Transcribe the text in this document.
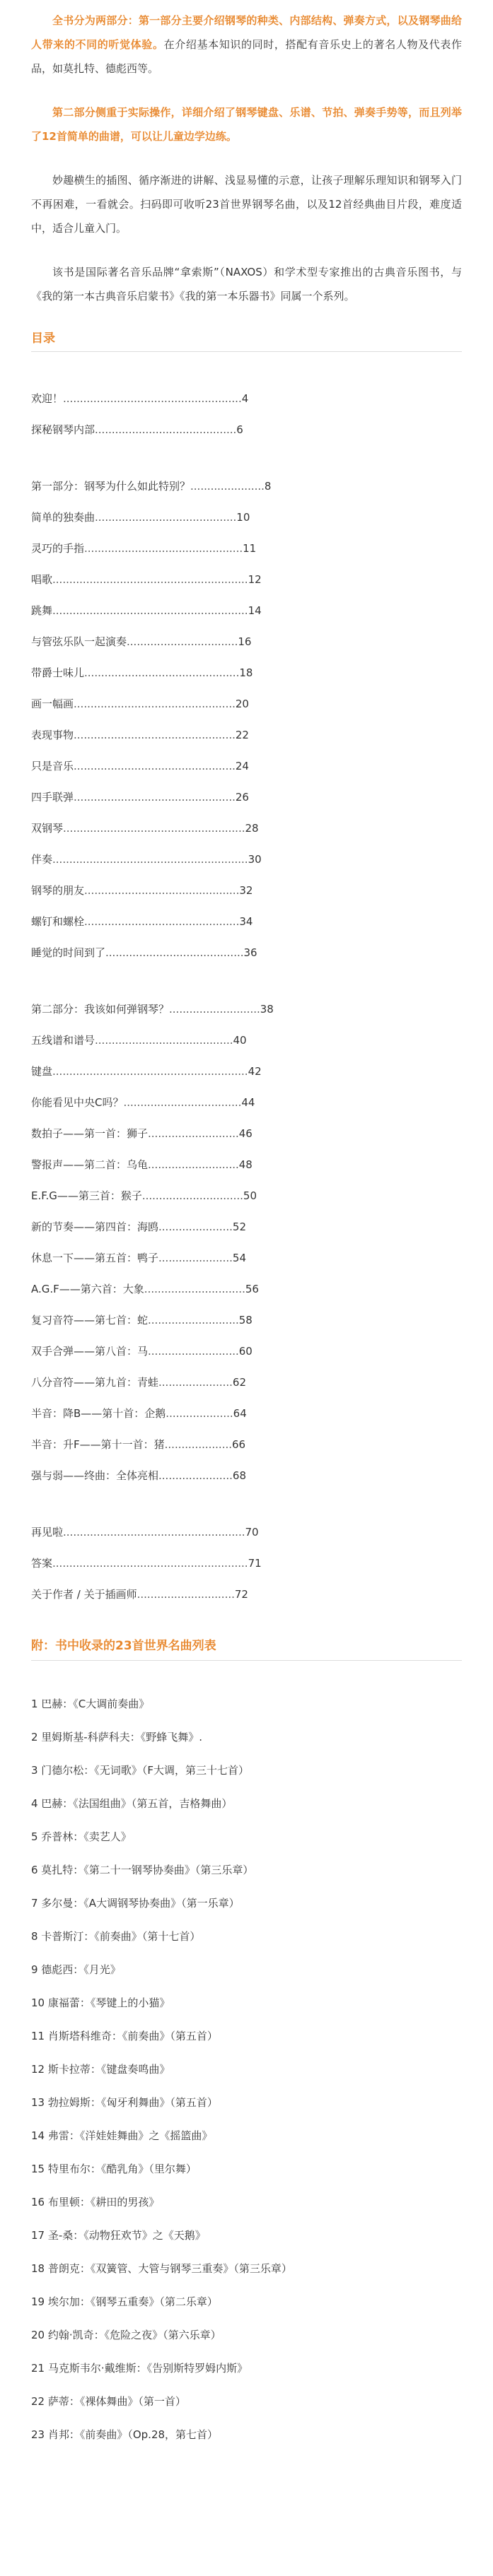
全书分为两部分：第一部分主要介绍钢琴的种类、内部结构、弹奏方式，以及钢琴曲给人带来的不同的听觉体验。在介绍基本知识的同时，搭配有音乐史上的著名人物及代表作品，如莫扎特、德彪西等。

第二部分侧重于实际操作，详细介绍了钢琴键盘、乐谱、节拍、弹奏手势等，而且列举了12首简单的曲谱，可以让儿童边学边练。

妙趣横生的插图、循序渐进的讲解、浅显易懂的示意，让孩子理解乐理知识和钢琴入门不再困难，一看就会。扫码即可收听23首世界钢琴名曲，以及12首经典曲目片段，难度适中，适合儿童入门。

该书是国际著名音乐品牌“拿索斯”（NAXOS）和学术型专家推出的古典音乐图书，与《我的第一本古典音乐启蒙书》《我的第一本乐器书》同属一个系列。

目录
欢迎！.....................................................4
探秘钢琴内部..........................................6
第一部分：钢琴为什么如此特别？......................8
简单的独奏曲..........................................10
灵巧的手指...............................................11
唱歌..........................................................12
跳舞..........................................................14
与管弦乐队一起演奏.................................16
带爵士味儿..............................................18
画一幅画................................................20
表现事物................................................22
只是音乐................................................24
四手联弹................................................26
双钢琴......................................................28
伴奏..........................................................30
钢琴的朋友..............................................32
螺钉和螺栓..............................................34
睡觉的时间到了.........................................36
第二部分：我该如何弹钢琴？...........................38
五线谱和谱号.........................................40
键盘..........................................................42
你能看见中央C吗？...................................44
数拍子——第一首：狮子...........................46
警报声——第二首：乌龟...........................48
E.F.G——第三首：猴子..............................50
新的节奏——第四首：海鸥......................52
休息一下——第五首：鸭子......................54
A.G.F——第六首：大象..............................56
复习音符——第七首：蛇...........................58
双手合弹——第八首：马...........................60
八分音符——第九首：青蛙......................62
半音：降B——第十首：企鹅....................64
半音：升F——第十一首：猪....................66
强与弱——终曲：全体亮相......................68
再见啦......................................................70
答案..........................................................71
关于作者 / 关于插画师.............................72
附：书中收录的23首世界名曲列表
1 巴赫：《C大调前奏曲》
2 里姆斯基-科萨科夫：《野蜂飞舞》.
3 门德尔松：《无词歌》（F大调，第三十七首）
4 巴赫：《法国组曲》（第五首，吉格舞曲）
5 乔普林：《卖艺人》
6 莫扎特：《第二十一钢琴协奏曲》（第三乐章）
7 多尔曼：《A大调钢琴协奏曲》（第一乐章）
8 卡普斯汀：《前奏曲》（第十七首）
9 德彪西：《月光》
10 康福蕾：《琴键上的小猫》
11 肖斯塔科维奇：《前奏曲》（第五首）
12 斯卡拉蒂：《键盘奏鸣曲》
13 勃拉姆斯：《匈牙利舞曲》（第五首）
14 弗雷：《洋娃娃舞曲》之《摇篮曲》
15 特里布尔：《酷乳角》（里尔舞）
16 布里顿：《耕田的男孩》
17 圣-桑：《动物狂欢节》之《天鹅》
18 普朗克：《双簧管、大管与钢琴三重奏》（第三乐章）
19 埃尔加：《钢琴五重奏》（第二乐章）
20 约翰·凯奇：《危险之夜》（第六乐章）
21 马克斯韦尔·戴维斯：《告别斯特罗姆内斯》
22 萨蒂：《裸体舞曲》（第一首）
23 肖邦：《前奏曲》（Op.28，第七首）
